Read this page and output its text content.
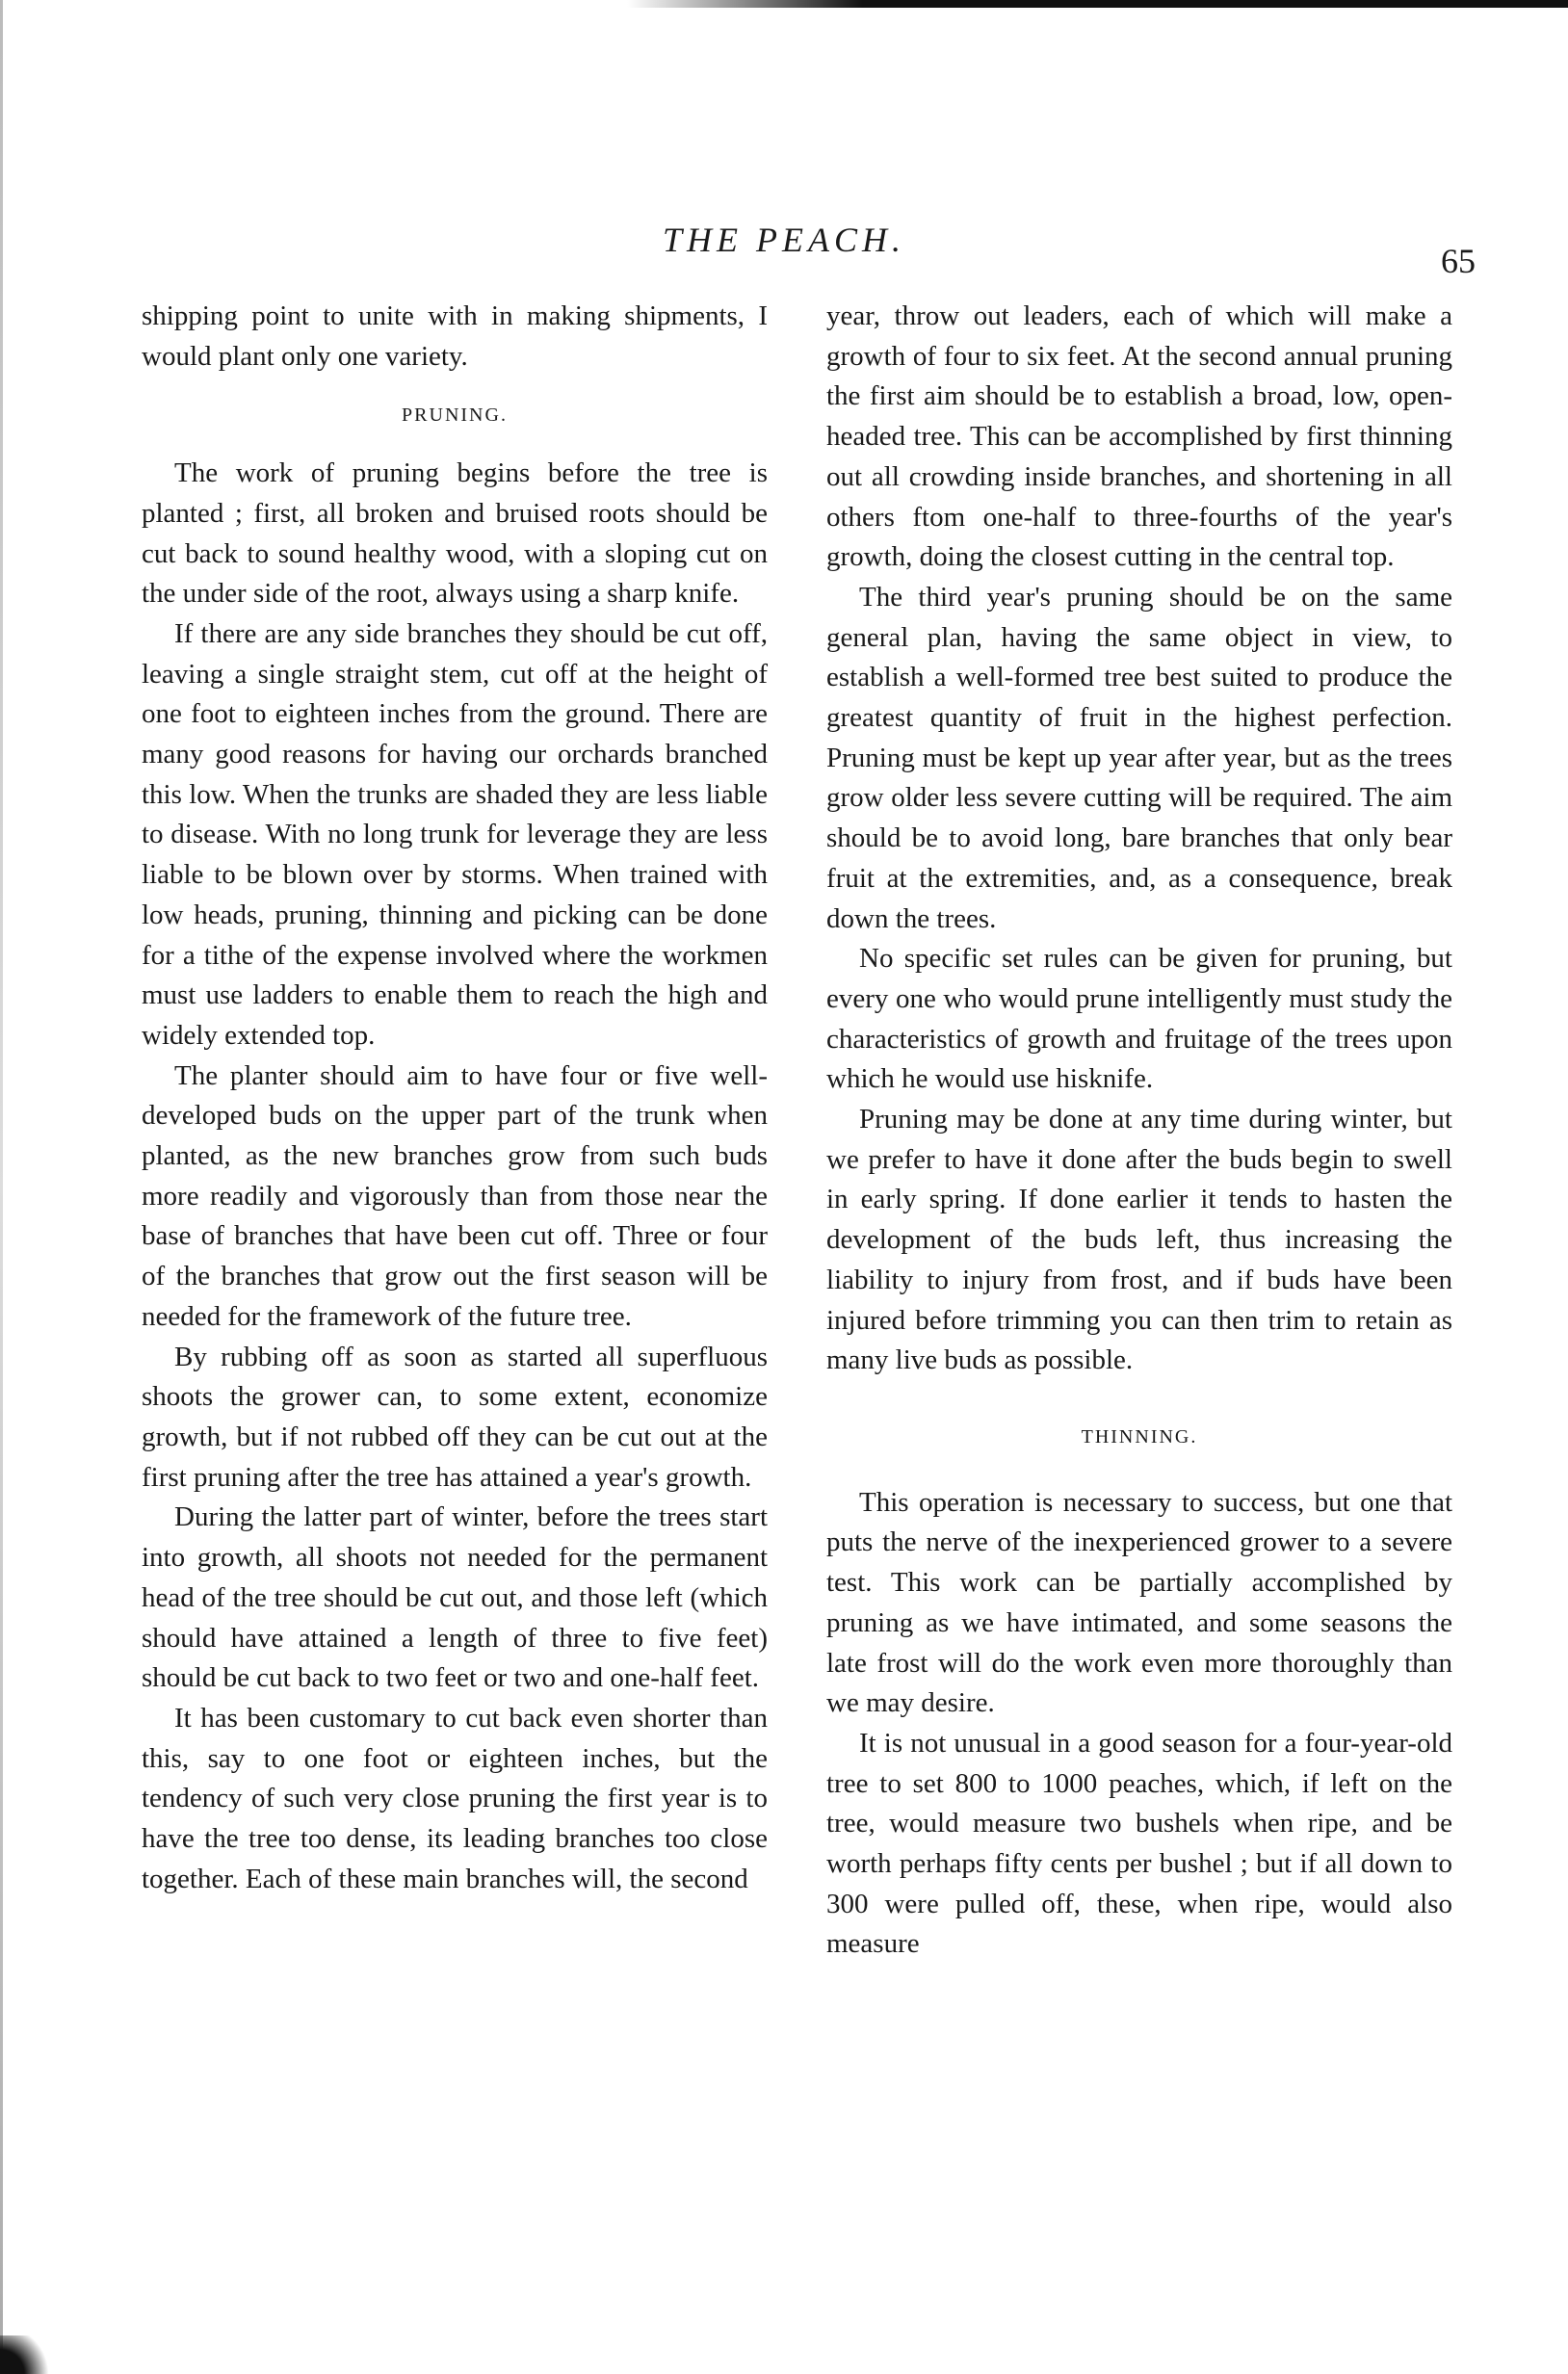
THE PEACH.
65

shipping point to unite with in making shipments, I would plant only one variety.

PRUNING.

The work of pruning begins before the tree is planted ; first, all broken and bruised roots should be cut back to sound healthy wood, with a sloping cut on the under side of the root, always using a sharp knife.

If there are any side branches they should be cut off, leaving a single straight stem, cut off at the height of one foot to eighteen inches from the ground. There are many good reasons for having our orchards branched this low. When the trunks are shaded they are less liable to disease. With no long trunk for leverage they are less liable to be blown over by storms. When trained with low heads, pruning, thinning and picking can be done for a tithe of the expense involved where the workmen must use ladders to enable them to reach the high and widely extended top.

The planter should aim to have four or five well-developed buds on the upper part of the trunk when planted, as the new branches grow from such buds more readily and vigorously than from those near the base of branches that have been cut off. Three or four of the branches that grow out the first season will be needed for the framework of the future tree.

By rubbing off as soon as started all superfluous shoots the grower can, to some extent, economize growth, but if not rubbed off they can be cut out at the first pruning after the tree has attained a year's growth.

During the latter part of winter, before the trees start into growth, all shoots not needed for the permanent head of the tree should be cut out, and those left (which should have attained a length of three to five feet) should be cut back to two feet or two and one-half feet.

It has been customary to cut back even shorter than this, say to one foot or eighteen inches, but the tendency of such very close pruning the first year is to have the tree too dense, its leading branches too close together. Each of these main branches will, the second

year, throw out leaders, each of which will make a growth of four to six feet. At the second annual pruning the first aim should be to establish a broad, low, open-headed tree. This can be accomplished by first thinning out all crowding inside branches, and shortening in all others ftom one-half to three-fourths of the year's growth, doing the closest cutting in the central top.

The third year's pruning should be on the same general plan, having the same object in view, to establish a well-formed tree best suited to produce the greatest quantity of fruit in the highest perfection. Pruning must be kept up year after year, but as the trees grow older less severe cutting will be required. The aim should be to avoid long, bare branches that only bear fruit at the extremities, and, as a consequence, break down the trees.

No specific set rules can be given for pruning, but every one who would prune intelligently must study the characteristics of growth and fruitage of the trees upon which he would use hisknife.

Pruning may be done at any time during winter, but we prefer to have it done after the buds begin to swell in early spring. If done earlier it tends to hasten the development of the buds left, thus increasing the liability to injury from frost, and if buds have been injured before trimming you can then trim to retain as many live buds as possible.

THINNING.

This operation is necessary to success, but one that puts the nerve of the inexperienced grower to a severe test. This work can be partially accomplished by pruning as we have intimated, and some seasons the late frost will do the work even more thoroughly than we may desire.

It is not unusual in a good season for a four-year-old tree to set 800 to 1000 peaches, which, if left on the tree, would measure two bushels when ripe, and be worth perhaps fifty cents per bushel ; but if all down to 300 were pulled off, these, when ripe, would also measure
